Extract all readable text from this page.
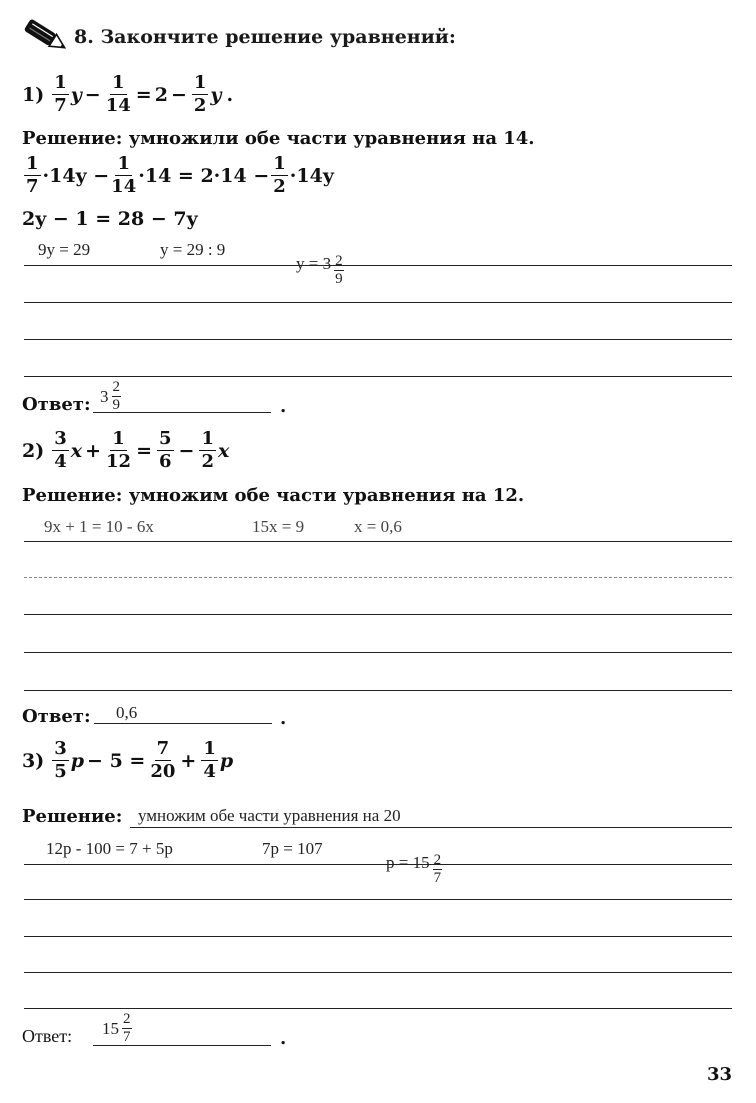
8. Закончите решение уравнений:
$1) \frac{1}{7}$ $y - \frac{1}{14} = 2 - \frac{1}{2}$ y .
Решение: умножили обе части уравнения на 14.
$\frac{1}{7} \cdot 14y - \frac{1}{14} \cdot 14 = 2\cdot 14 - \frac{1}{2} \cdot 14y$
2y − 1 = 28 − 7y
9y = 29	y = 29 : 9
$y = 3 \frac{2}{9}$
Ответ: $3 \frac{2}{9}$	.
$2) \frac{3}{4}$ $x + \frac{1}{12} = \frac{5}{6} - \frac{1}{2}$ x
Решение: умножим обе части уравнения на 12.
9x + 1 = 10 - 6x	15x = 9	x = 0,6
Ответ: 0,6	.
$3) \frac{3}{5}$ $p - 5 = \frac{7}{20} + \frac{1}{4}$ p
Решение: умножим обе части уравнения на 20
12p - 100 = 7 + 5p	7p = 107
$p = 15 \frac{2}{7}$
Ответ: $15 \frac{2}{7}$	.
33
